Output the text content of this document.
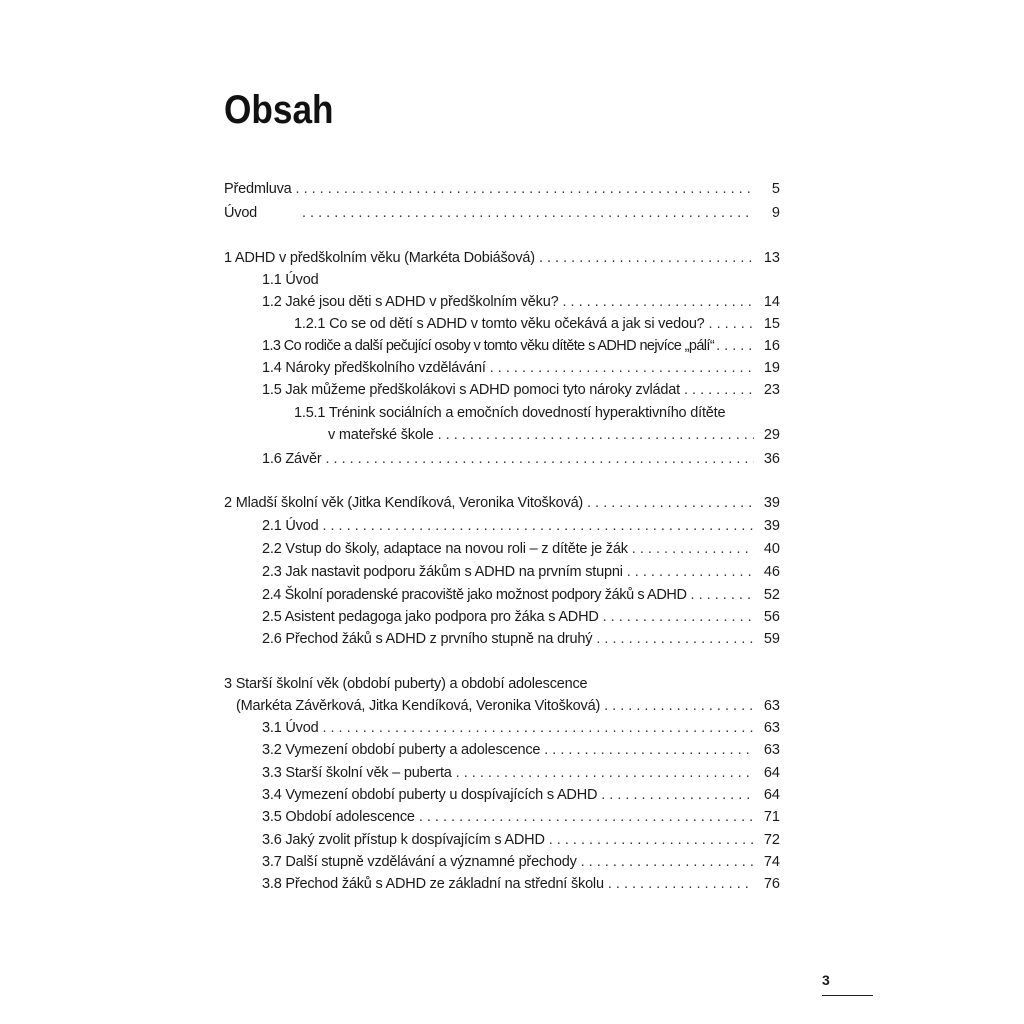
Obsah
Předmluva . . .	5
Úvod . . .	9
1 ADHD v předškolním věku (Markéta Dobiášová) . . .	13
1.1 Úvod
1.2 Jaké jsou děti s ADHD v předškolním věku? . . .	14
1.2.1 Co se od dětí s ADHD v tomto věku očekává a jak si vedou? . . .	15
1.3 Co rodiče a další pečující osoby v tomto věku dítěte s ADHD nejvíce „pálí“ . . .	16
1.4 Nároky předškolního vzdělávání . . .	19
1.5 Jak můžeme předškolákovi s ADHD pomoci tyto nároky zvládat . . .	23
1.5.1 Trénink sociálních a emočních dovedností hyperaktivního dítěte
v mateřské škole . . .	29
1.6 Závěr . . .	36
2 Mladší školní věk (Jitka Kendíková, Veronika Vitošková) . . .	39
2.1 Úvod . . .	39
2.2 Vstup do školy, adaptace na novou roli – z dítěte je žák . . .	40
2.3 Jak nastavit podporu žákům s ADHD na prvním stupni . . .	46
2.4 Školní poradenské pracoviště jako možnost podpory žáků s ADHD . . .	52
2.5 Asistent pedagoga jako podpora pro žáka s ADHD . . .	56
2.6 Přechod žáků s ADHD z prvního stupně na druhý . . .	59
3 Starší školní věk (období puberty) a období adolescence
(Markéta Závěrková, Jitka Kendíková, Veronika Vitošková) . . .	63
3.1 Úvod . . .	63
3.2 Vymezení období puberty a adolescence . . .	63
3.3 Starší školní věk – puberta . . .	64
3.4 Vymezení období puberty u dospívajících s ADHD . . .	64
3.5 Období adolescence . . .	71
3.6 Jaký zvolit přístup k dospívajícím s ADHD . . .	72
3.7 Další stupně vzdělávání a významné přechody . . .	74
3.8 Přechod žáků s ADHD ze základní na střední školu . . .	76
3
